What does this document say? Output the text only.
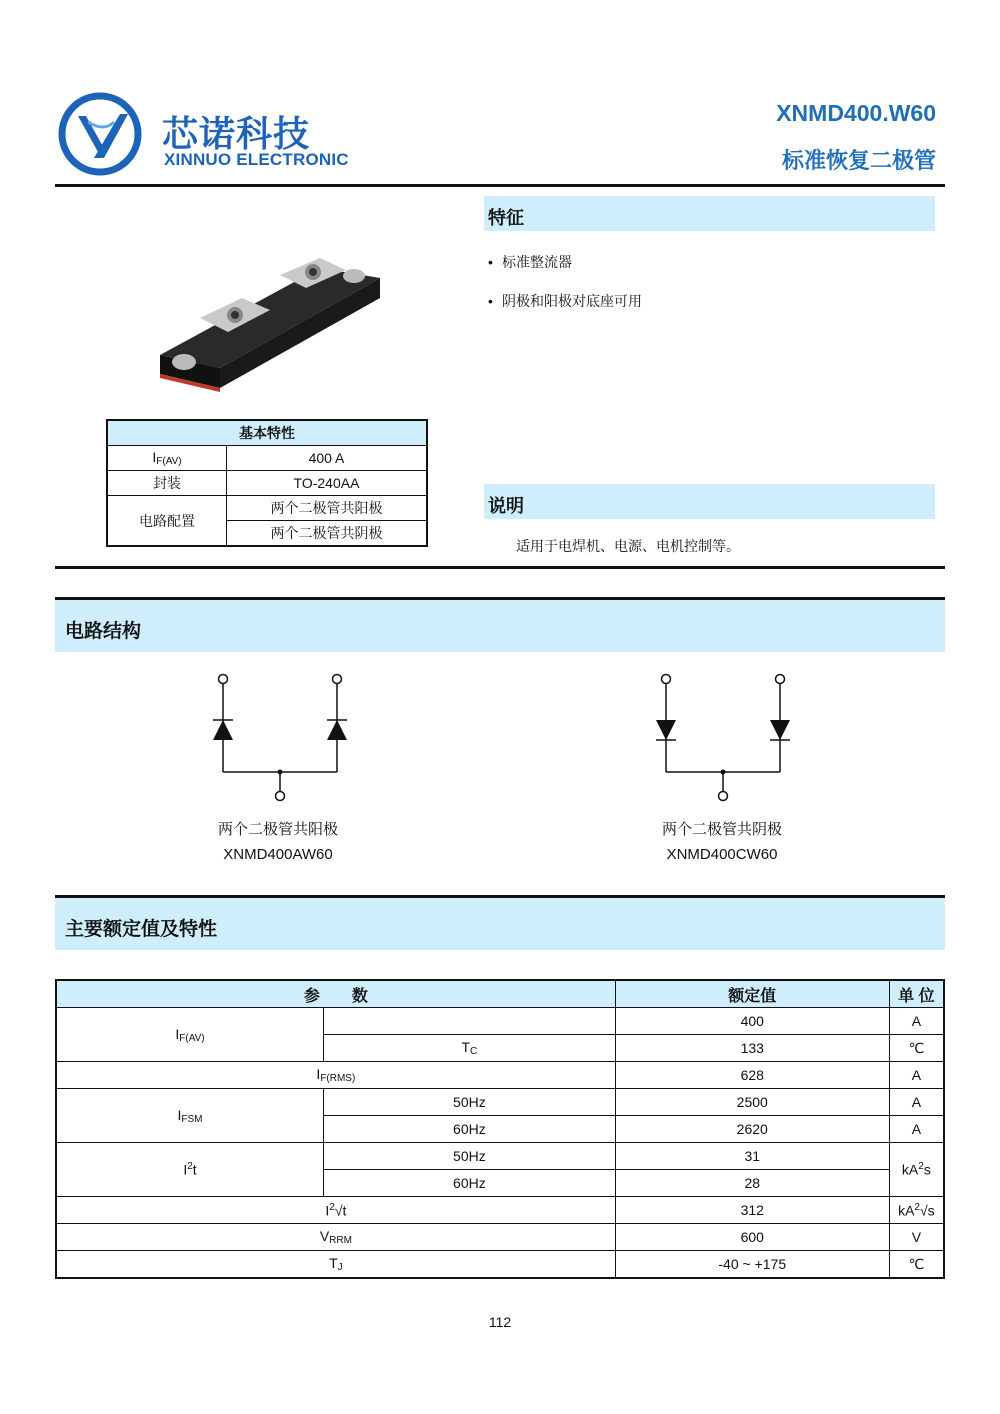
芯诺科技
XINNUO ELECTRONIC
XNMD400.W60
标准恢复二极管
特征
• 标准整流器
• 阴极和阳极对底座可用
说明
适用于电焊机、电源、电机控制等。
基本特性	
$I_{F(AV)}$	400 A
封装	TO-240AA
电路配置	两个二极管共阳极
	两个二极管共阴极
电路结构
两个二极管共阳极
XNMD400AW60
两个二极管共阴极
XNMD400CW60
主要额定值及特性
参　　数		额定值	单 位
$I_{F(AV)}$		400	A
	$T_C$	133	℃
$I_{F(RMS)}$		628	A
$I_{FSM}$	50Hz	2500	A
	60Hz	2620	A
$I^2t$	50Hz	31	$kA^2s$
	60Hz	28	
$I^2√t$		312	$kA^2√s$
$V_{RRM}$		600	V
$T_J$		-40 ~ +175	℃
112
